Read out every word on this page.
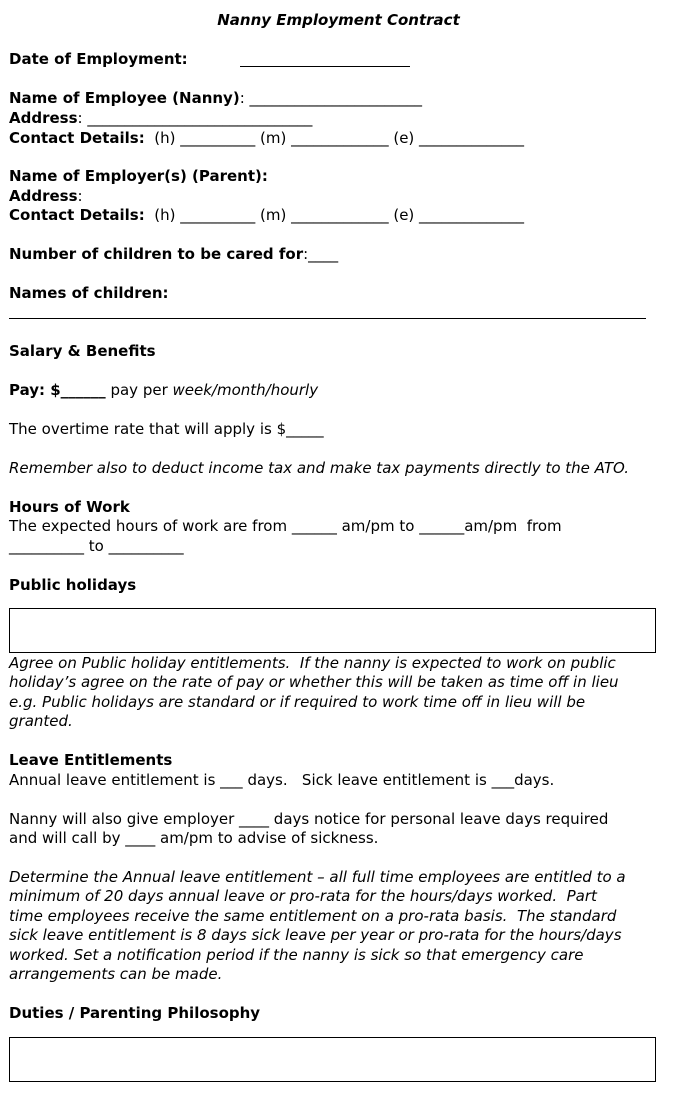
Nanny Employment Contract
Date of Employment:
Name of Employee (Nanny): _______________________
Address: ______________________________
Contact Details:  (h) __________ (m) _____________ (e) ______________
Name of Employer(s) (Parent):
Address:
Contact Details:  (h) __________ (m) _____________ (e) ______________
Number of children to be cared for:____
Names of children:
Salary & Benefits
Pay: $______ pay per week/month/hourly
The overtime rate that will apply is $_____
Remember also to deduct income tax and make tax payments directly to the ATO.
Hours of Work
The expected hours of work are from ______ am/pm to ______am/pm  from
__________ to __________
Public holidays
Agree on Public holiday entitlements.  If the nanny is expected to work on public
holiday’s agree on the rate of pay or whether this will be taken as time off in lieu
e.g. Public holidays are standard or if required to work time off in lieu will be
granted.
Leave Entitlements
Annual leave entitlement is ___ days.   Sick leave entitlement is ___days.
Nanny will also give employer ____ days notice for personal leave days required
and will call by ____ am/pm to advise of sickness.
Determine the Annual leave entitlement – all full time employees are entitled to a
minimum of 20 days annual leave or pro-rata for the hours/days worked.  Part
time employees receive the same entitlement on a pro-rata basis.  The standard
sick leave entitlement is 8 days sick leave per year or pro-rata for the hours/days
worked. Set a notification period if the nanny is sick so that emergency care
arrangements can be made.
Duties / Parenting Philosophy
